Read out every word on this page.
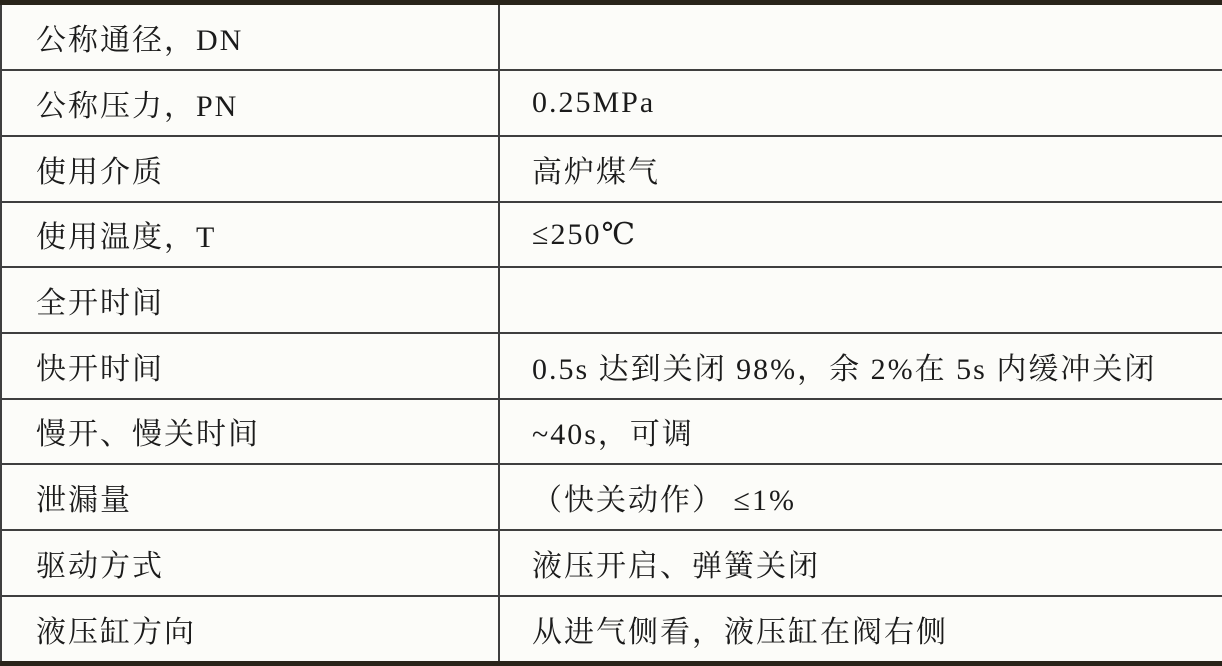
公称通径，DN	
公称压力，PN	0.25MPa
使用介质	高炉煤气
使用温度，T	≤250℃
全开时间	
快开时间	0.5s 达到关闭 98%，余 2%在 5s 内缓冲关闭
慢开、慢关时间	~40s，可调
泄漏量	（快关动作） ≤1%
驱动方式	液压开启、弹簧关闭
液压缸方向	从进气侧看，液压缸在阀右侧
